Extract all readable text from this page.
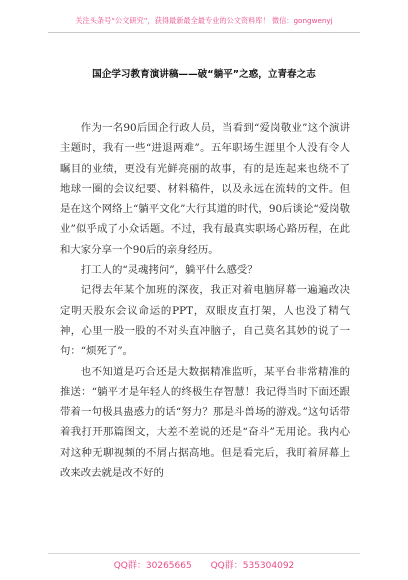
关注头条号“公文研究”，获得最新最全最专业的公文资料库！ 微信：gongwenyj
国企学习教育演讲稿——破“躺平”之惑，立青春之志

作为一名90后国企行政人员，当看到“爱岗敬业”这个演讲主题时，我有一些“进退两难”。五年职场生涯里个人没有令人瞩目的业绩，更没有光鲜亮丽的故事，有的是连起来也绕不了地球一圈的会议纪要、材料稿件，以及永远在流转的文件。但是在这个网络上“躺平文化”大行其道的时代，90后谈论“爱岗敬业”似乎成了小众话题。不过，我有最真实职场心路历程，在此和大家分享一个90后的亲身经历。

打工人的“灵魂拷问”，躺平什么感受？

记得去年某个加班的深夜，我正对着电脑屏幕一遍遍改决定明天股东会议命运的PPT，双眼皮直打架，人也没了精气神，心里一股一股的不对头直冲脑子，自己莫名其妙的说了一句：“烦死了”。

也不知道是巧合还是大数据精准监听，某平台非常精准的推送：“躺平才是年轻人的终极生存智慧！我记得当时下面还跟带着一句极具蛊惑力的话“努力？那是斗兽场的游戏。”这句话带着我打开那篇图文，大差不差说的还是“奋斗”无用论。我内心对这种无聊视频的不屑占据高地。但是看完后，我盯着屏幕上改来改去就是改不好的

QQ群：30265665 QQ群：535304092
